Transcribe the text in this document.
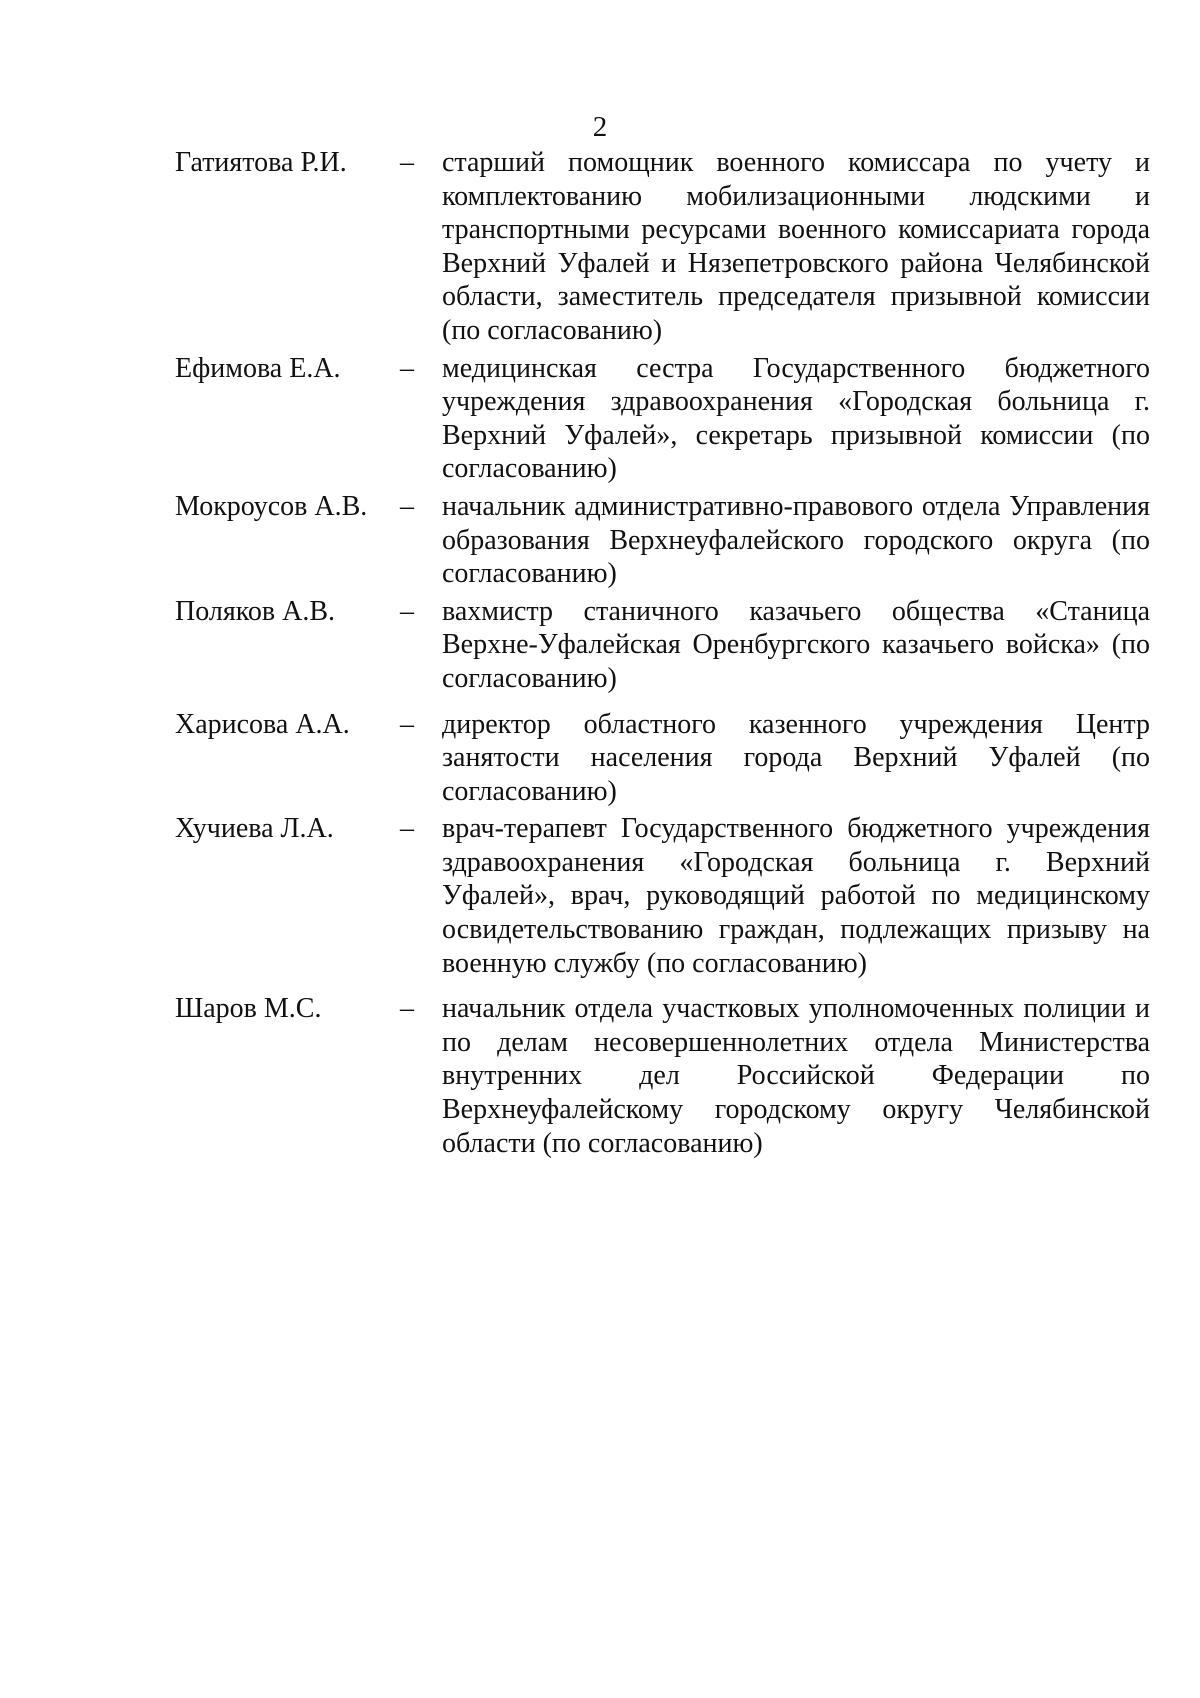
2
Гатиятова Р.И.	–	старший помощник военного комиссара по учету и комплектованию мобилизационными людскими и транспортными ресурсами военного комиссариата города Верхний Уфалей и Нязепетровского района Челябинской области, заместитель председателя призывной комиссии (по согласованию)
Ефимова Е.А.	–	медицинская сестра Государственного бюджетного учреждения здравоохранения «Городская больница г. Верхний Уфалей», секретарь призывной комиссии (по согласованию)
Мокроусов А.В.	–	начальник административно-правового отдела Управления образования Верхнеуфалейского городского округа (по согласованию)
Поляков А.В.	–	вахмистр станичного казачьего общества «Станица Верхне-Уфалейская Оренбургского казачьего войска» (по согласованию)
Харисова А.А.	–	директор областного казенного учреждения Центр занятости населения города Верхний Уфалей (по согласованию)
Хучиева Л.А.	–	врач-терапевт Государственного бюджетного учреждения здравоохранения «Городская больница г. Верхний Уфалей», врач, руководящий работой по медицинскому освидетельствованию граждан, подлежащих призыву на военную службу (по согласованию)
Шаров М.С.	–	начальник отдела участковых уполномоченных полиции и по делам несовершеннолетних отдела Министерства внутренних дел Российской Федерации по Верхнеуфалейскому городскому округу Челябинской области (по согласованию)
